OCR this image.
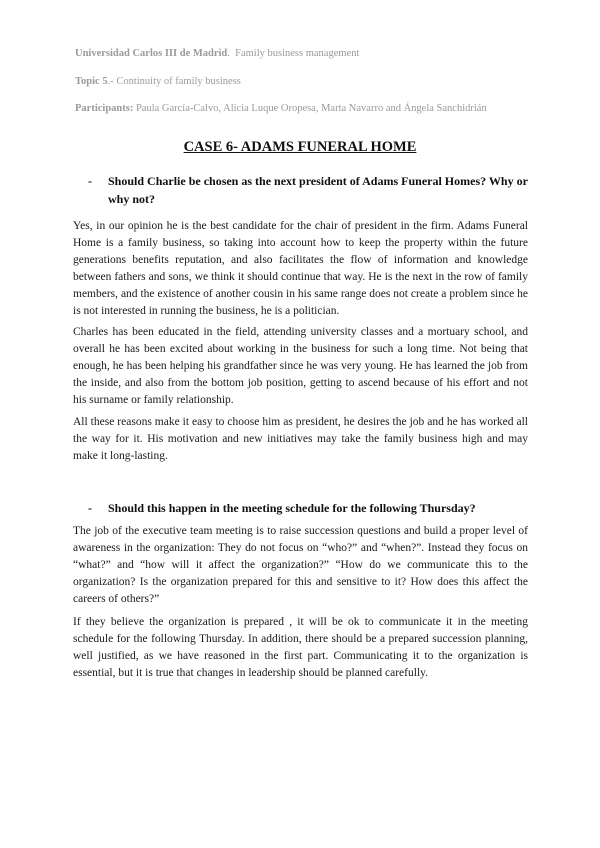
Universidad Carlos III de Madrid.  Family business management
Topic 5.- Continuity of family business
Participants: Paula García-Calvo, Alicia Luque Oropesa, Marta Navarro and Ángela Sanchidrián
CASE 6- ADAMS FUNERAL HOME
- Should Charlie be chosen as the next president of Adams Funeral Homes? Why or why not?

Yes, in our opinion he is the best candidate for the chair of president in the firm. Adams Funeral Home is a family business, so taking into account how to keep the property within the future generations benefits reputation, and also facilitates the flow of information and knowledge between fathers and sons, we think it should continue that way. He is the next in the row of family members, and the existence of another cousin in his same range does not create a problem since he is not interested in running the business, he is a politician.

Charles has been educated in the field, attending university classes and a mortuary school, and overall he has been excited about working in the business for such a long time. Not being that enough, he has been helping his grandfather since he was very young. He has learned the job from the inside, and also from the bottom job position, getting to ascend because of his effort and not his surname or family relationship.

All these reasons make it easy to choose him as president, he desires the job and he has worked all the way for it. His motivation and new initiatives may take the family business high and may make it long-lasting.

- Should this happen in the meeting schedule for the following Thursday?

The job of the executive team meeting is to raise succession questions and build a proper level of awareness in the organization: They do not focus on “who?” and “when?”. Instead they focus on “what?” and “how will it affect the organization?” “How do we communicate this to the organization? Is the organization prepared for this and sensitive to it? How does this affect the careers of others?”

If they believe the organization is prepared , it will be ok to communicate it in the meeting schedule for the following Thursday. In addition, there should be a prepared succession planning, well justified, as we have reasoned in the first part. Communicating it to the organization is essential, but it is true that changes in leadership should be planned carefully.
